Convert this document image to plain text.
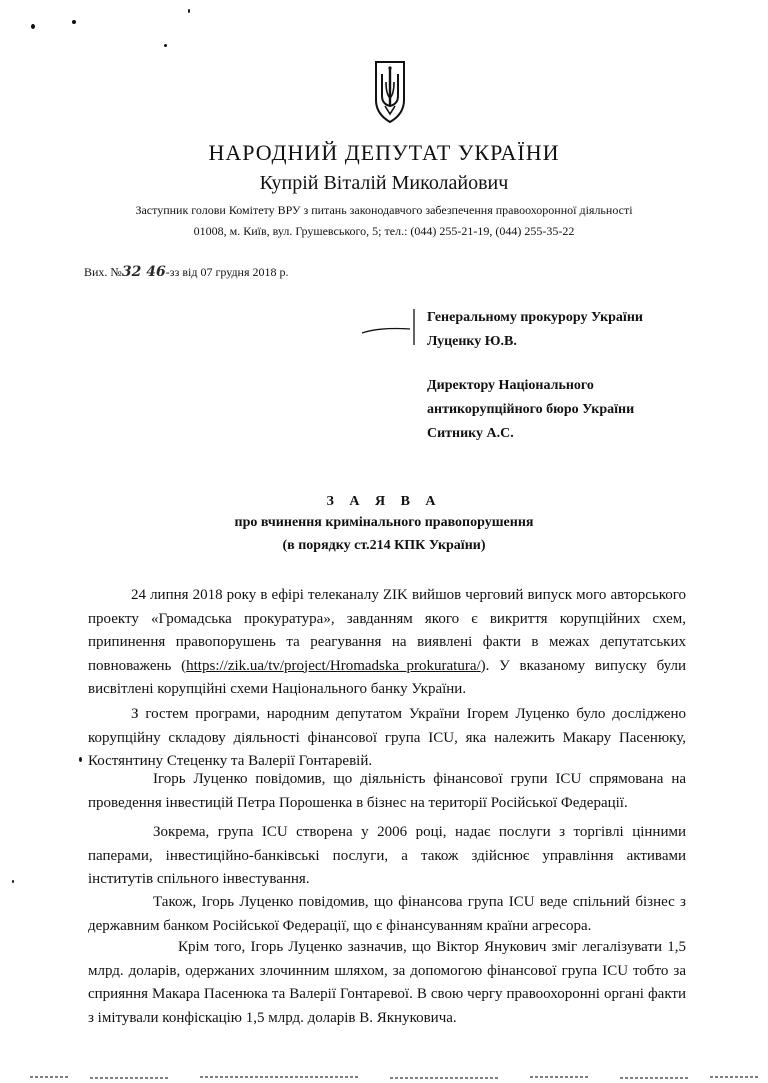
НАРОДНИЙ ДЕПУТАТ УКРАЇНИ
Купрій Віталій Миколайович
Заступник голови Комітету ВРУ з питань законодавчого забезпечення правоохоронної діяльності
01008, м. Київ, вул. Грушевського, 5; тел.: (044) 255-21-19, (044) 255-35-22
Вих. №32 46-зз від 07 грудня 2018 р.
Генеральному прокурору України
Луценку Ю.В.
Директору Національного
антикорупційного бюро України
Ситнику А.С.
З А Я В А
про вчинення кримінального правопорушення
(в порядку ст.214 КПК України)
24 липня 2018 року в ефірі телеканалу ZIK вийшов черговий випуск мого авторського проекту «Громадська прокуратура», завданням якого є викриття корупційних схем, припинення правопорушень та реагування на виявлені факти в межах депутатських повноважень (https://zik.ua/tv/project/Hromadska_prokuratura/). У вказаному випуску були висвітлені корупційні схеми Національного банку України.
З гостем програми, народним депутатом України Ігорем Луценко було досліджено корупційну складову діяльності фінансової група ICU, яка належить Макару Пасенюку, Костянтину Стеценку та Валерії Гонтаревій.
Ігорь Луценко повідомив, що діяльність фінансової групи ICU спрямована на проведення інвестицій Петра Порошенка в бізнес на території Російської Федерації.
Зокрема, група ICU створена у 2006 році, надає послуги з торгівлі цінними паперами, інвестиційно-банківські послуги, а також здійснює управління активами інститутів спільного інвестування.
Також, Ігорь Луценко повідомив, що фінансова група ICU веде спільний бізнес з державним банком Російської Федерації, що є фінансуванням країни агресора.
Крім того, Ігорь Луценко зазначив, що Віктор Янукович зміг легалізувати 1,5 млрд. доларів, одержаних злочинним шляхом, за допомогою фінансової група ICU тобто за сприяння Макара Пасенюка та Валерії Гонтаревої. В свою чергу правоохоронні органі факти з імітували конфіскацію 1,5 млрд. доларів В. Якнуковича.
